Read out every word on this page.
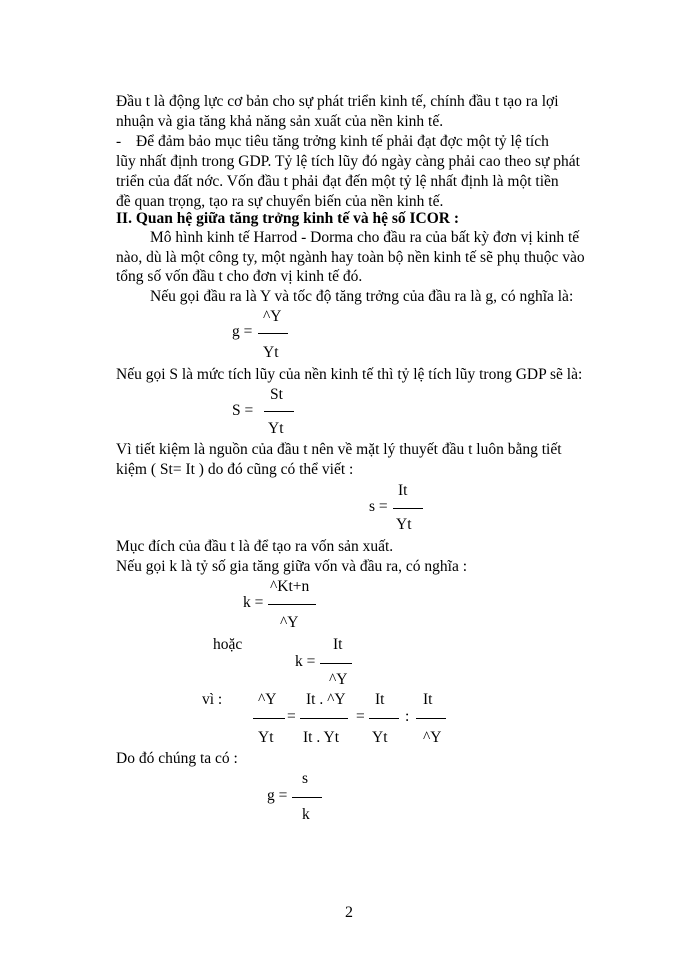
Đầu t là động lực cơ bản cho sự phát triển kinh tế, chính đầu t tạo ra lợi
nhuận và gia tăng khả năng sản xuất của nền kinh tế.
- Để đảm bảo mục tiêu tăng trởng kinh tế phải đạt đợc một tỷ lệ tích
lũy nhất định trong GDP. Tỷ lệ tích lũy đó ngày càng phải cao theo sự phát
triển của đất nớc. Vốn đầu t phải đạt đến một tỷ lệ nhất định là một tiền
đề quan trọng, tạo ra sự chuyển biến của nền kinh tế.
II. Quan hệ giữa tăng trởng kinh tế và hệ số ICOR :
Mô hình kinh tế Harrod - Dorma cho đầu ra của bất kỳ đơn vị kinh tế
nào, dù là một công ty, một ngành hay toàn bộ nền kinh tế sẽ phụ thuộc vào
tổng số vốn đầu t cho đơn vị kinh tế đó.
Nếu gọi đầu ra là Y và tốc độ tăng trởng của đầu ra là g, có nghĩa là:
^Y
g =
Yt
Nếu gọi S là mức tích lũy của nền kinh tế thì tỷ lệ tích lũy trong GDP sẽ là:
St
S =
Yt
Vì tiết kiệm là nguồn của đầu t nên về mặt lý thuyết đầu t luôn bằng tiết
kiệm ( St= It ) do đó cũng có thể viết :
It
s =
Yt
Mục đích của đầu t là để tạo ra vốn sản xuất.
Nếu gọi k là tỷ số gia tăng giữa vốn và đầu ra, có nghĩa :
^Kt+n
k =
^Y
hoặc	It
k =
^Y
vì : ^Y
Yt
=
It . ^Y
It . Yt
=
It
Yt
:
It
^Y
Do đó chúng ta có :
s
g =
k
2
